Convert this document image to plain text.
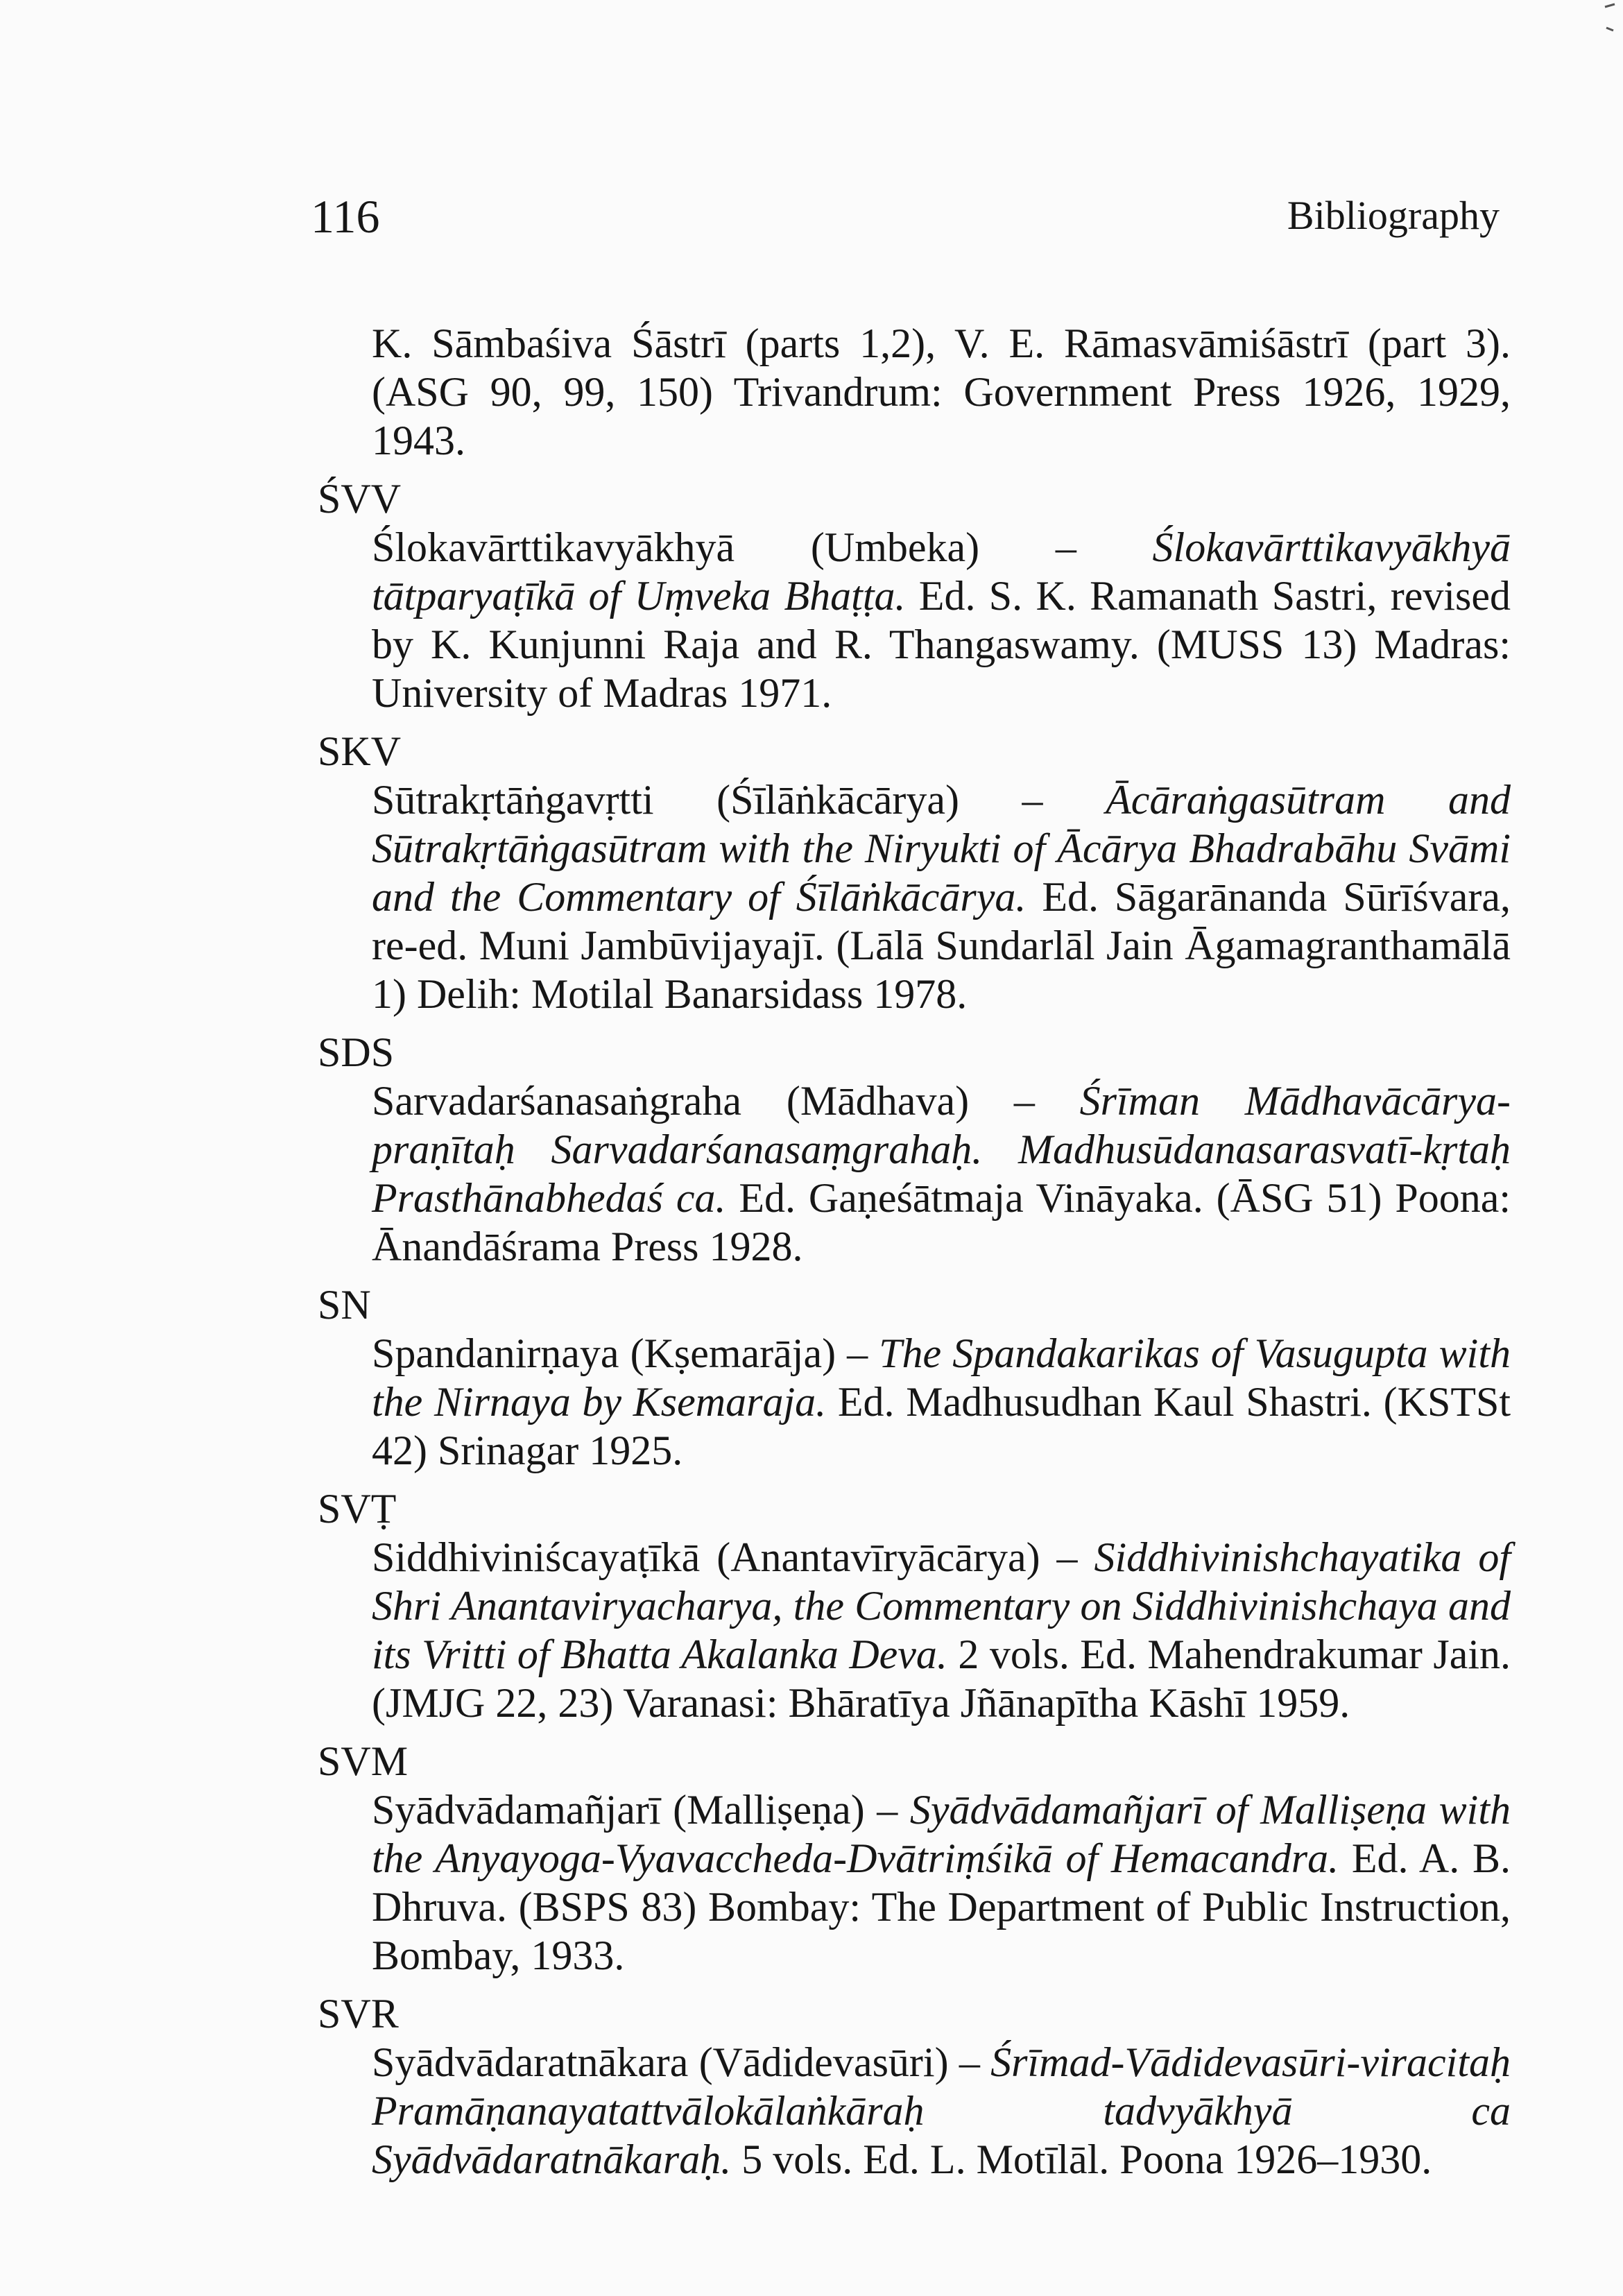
116	Bibliography
K. Sāmbaśiva Śāstrī (parts 1,2), V. E. Rāmasvāmiśāstrī (part 3). (ASG 90, 99, 150) Trivandrum: Government Press 1926, 1929, 1943.
ŚVV
Ślokavārttikavyākhyā (Umbeka) – Ślokavārttikavyākhyā tātparyaṭīkā of Uṃveka Bhaṭṭa. Ed. S. K. Ramanath Sastri, revised by K. Kunjunni Raja and R. Thangaswamy. (MUSS 13) Madras: University of Madras 1971.
SKV
Sūtrakṛtāṅgavṛtti (Śīlāṅkācārya) – Ācāraṅgasūtram and Sūtrakṛtāṅgasūtram with the Niryukti of Ācārya Bhadrabāhu Svāmi and the Commentary of Śīlāṅkācārya. Ed. Sāgarānanda Sūrīśvara, re-ed. Muni Jambūvijayajī. (Lālā Sundarlāl Jain Āgamagranthamālā 1) Delih: Motilal Banarsidass 1978.
SDS
Sarvadarśanasaṅgraha (Mādhava) – Śrīman Mādhavācārya-praṇītaḥ Sarvadarśanasaṃgrahaḥ. Madhusūdanasarasvatī-kṛtaḥ Prasthānabhedaś ca. Ed. Gaṇeśātmaja Vināyaka. (ĀSG 51) Poona: Ānandāśrama Press 1928.
SN
Spandanirṇaya (Kṣemarāja) – The Spandakarikas of Vasugupta with the Nirnaya by Ksemaraja. Ed. Madhusudhan Kaul Shastri. (KSTSt 42) Srinagar 1925.
SVṬ
Siddhiviniścayaṭīkā (Anantavīryācārya) – Siddhivinishchayatika of Shri Anantaviryacharya, the Commentary on Siddhivinishchaya and its Vritti of Bhatta Akalanka Deva. 2 vols. Ed. Mahendrakumar Jain. (JMJG 22, 23) Varanasi: Bhāratīya Jñānapītha Kāshī 1959.
SVM
Syādvādamañjarī (Malliṣeṇa) – Syādvādamañjarī of Malliṣeṇa with the Anyayoga-Vyavaccheda-Dvātriṃśikā of Hemacandra. Ed. A. B. Dhruva. (BSPS 83) Bombay: The Department of Public Instruction, Bombay, 1933.
SVR
Syādvādaratnākara (Vādidevasūri) – Śrīmad-Vādidevasūri-viracitaḥ Pramāṇanayatattvālokālaṅkāraḥ tadvyākhyā ca Syādvādaratnākaraḥ. 5 vols. Ed. L. Motīlāl. Poona 1926–1930.
